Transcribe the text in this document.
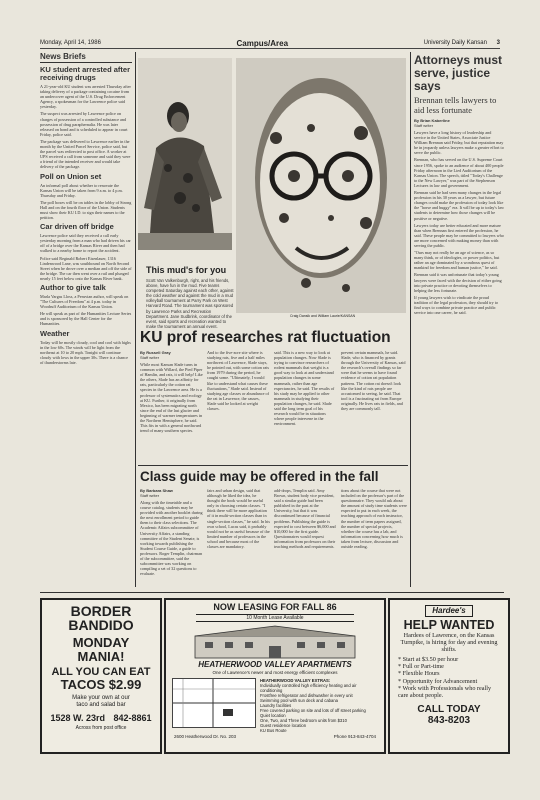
Monday, April 14, 1986	Campus/Area	University Daily Kansan 3
News Briefs
KU student arrested after receiving drugs

A 21-year-old KU student was arrested Thursday after taking delivery of a package containing cocaine from an undercover agent of the U.S. Drug Enforcement Agency, a spokesman for the Lawrence police said yesterday.

The suspect was arrested by Lawrence police on charges of possession of a controlled substance and possession of drug paraphernalia. He was later released on bond and is scheduled to appear in court Friday, police said.

The package was delivered to Lawrence earlier in the month by the United Parcel Service, police said, but the parcel was redirected to post office. A worker at UPS received a call from someone and said they were a friend of the intended receiver and would take delivery of the package.

Poll on Union set

An informal poll about whether to renovate the Kansas Union will be taken from 9 a.m. to 4 p.m. Thursday and Friday.

The poll boxes will be on tables in the lobby of Strong Hall and on the fourth floor of the Union. Students must show their KU I.D. to sign their names to the petition.

Car driven off bridge

Lawrence police said they received a call early yesterday morning from a man who had driven his car off of a bridge over the Kansas River and then had walked to a nearby home to report the accident.

Police said Reginald Robert Eisenlauer, 1316 Lindenwood Lane, was southbound on North Second Street when he drove over a median and off the side of the bridge. The car then went over a rail and plunged nearly 15 feet below onto the Kansas River bank.

Author to give talk

Marla Vargas Lloss, a Peruvian author, will speak on "The Cultures of Freedom" at 4 p.m. today in Woodruff Auditorium of the Kansas Union.

He will speak as part of the Humanities Lecture Series and is sponsored by the Hall Center for the Humanities.

Weather

Today will be mostly cloudy, cool and cool with highs in the low 60s. The winds will be light from the northeast at 10 to 20 mph. Tonight will continue cloudy with lows in the upper 30s. There is a chance of thunderstorms late.

Craig Dansik and William Laurie/KANSAN
This mud's for you

Scott Van Valkenburgh, right, and his friends, above, have fun in the mud. Five teams competed Saturday against each other, against the cold weather and against the mud in a mud volleyball tournament at Parry Park on West Harvard Road. The tournament was sponsored by Lawrence Parks and Recreation Department. Jane Sudbrink, coordinator of the event, said sports and recreation wanted to make the tournament an annual event.

Attorneys must serve, justice says
Brennan tells lawyers to aid less fortunate
By Brian Kaberline
Staff writer

Lawyers have a long history of leadership and service in the United States, Associate Justice William Brennan said Friday, but that reputation may be in jeopardy unless lawyers make a greater effort to serve the public.

Brennan, who has served on the U.S. Supreme Court since 1956, spoke to an audience of about 400 people Friday afternoon in the Lied Auditorium of the Kansas Union. The speech, titled "Today's Challenge to the New Lawyer," was part of the Stephenson Lectures in law and government.

Brennan said he had seen many changes in the legal profession in his 30 years as a lawyer, but future changes could make the profession of today look like the "horse and buggy" era. It will be up to today's law students to determine how those changes will be positive or negative.

Lawyers today are better educated and more mature than when Brennan first entered the profession, he said. These people may be committed to lawyers who are more concerned with making money than with serving the public.

"Ours may not really be an age of science, as so many think, or of ideologies, or power politics, but rather an age dominated by a wondrous quest of mankind for freedom and human justice," he said.

Brennan said it was unfortunate that today's young lawyers were faced with the decision of either going into private practice or devoting themselves to helping the less fortunate.

If young lawyers wish to vindicate the proud tradition of the legal profession, they should try to find ways to combine private practice and public service into one career, he said.

KU prof researches rat fluctuation
By Russell Gray
Staff writer

While most Kansan Slade turns in common with Willard, the Pied Piper of Hamlin, and rats, it will help! Like the others, Slade has an affinity for rats, particularly the cotton rat species in the Lawrence area. He is a professor of systematics and ecology at KU. Further, it originally from Mexico, has been migrating north since the end of the last glacier and beginning of warmer temperatures in the Northern Hemisphere, he said. This fits in with a general northward trend of many southern species.

And to the five-acre site where is studying rats, five and a half miles northwest of Lawrence, Slade stays, he pointed out, with some cotton rats from 1979 during the period, he caught some. "Ultimately, I would like to understand what causes these fluctuations," Slade said. Instead of studying age classes or abundance of the rat in Lawrence, the causes, Slade said he looked at weight classes.

said. This is a new way to look at population changes. Now Slade is trying to convince researchers of rodent mammals that weight is a good way to look at and understand population changes in some mammals, rather than age expectancies, he said. The results of his study may be applied to other mammals in studying their population changes, he said. Slade said the long term goal of his research would be in situations where people intervene in the environment.

prevent certain mammals, he said. Slade, who is financed by grants through the University of Kansas, said the research's overall findings so far were that he seems to have found evidence of cotton rat population patterns. The cotton rat doesn't look like the kind of rats people are accustomed to seeing, he said. That tool is a fascinating rat from Europe originally. He lives rats in fields, and they are commonly tall.

Class guide may be offered in the fall
By Barbara Shaw
Staff writer

Along with the timetable and a course catalog, students may be provided with another booklet during the next enrollment period to guide them to their class selections. The Academic Affairs subcommittee of University Affairs, a standing committee of the Student Senate, is working towards publishing the Student Course Guide, a guide to professors. Roger Templin, chairman of the subcommittee, said the subcommittee was working on compiling a set of 32 questions to evaluate.

fairs and urban design, said that although he liked the idea, he thought the book would be useful only in choosing certain classes. "I think there will be more application of it in multi-section classes than in single-section classes," he said. In his own school, Lucas said, it probably would not be as useful because of the limited number of professors in the school and because most of the classes are mandatory.

add-drops, Templin said. Amy Brown, student body vice president, said a similar guide had been published in the past at the University, but that it was discontinued because of financial problems. Publishing the guide is expected to cost between $6,000 and $10,000 for the first guide. Questionnaires would request information from professors on their teaching methods and requirements.

tions about the course that were not included on the professor's part of the questionnaire. They would ask about the amount of study time students were expected to put in each week, the teaching approach of each instructor, the number of term papers assigned, the number of special projects, whether the course has a lab, and information concerning how much is taken from lecture, discussion and outside reading.

BORDER
BANDIDO
MONDAY
MANIA!
ALL YOU CAN EAT
TACOS $2.99
Make your own at our
taco and salad bar
1528 W. 23rd 842-8861
Across from post office
NOW LEASING FOR FALL 86
10 Month Lease Available
HEATHERWOOD VALLEY APARTMENTS
One of Lawrence's newer and most energy efficient complexes
HEATHERWOOD VALLEY EXTRAS:
Individually controlled high efficiency heating and air conditioning
Frostfree refrigerator and dishwasher in every unit
Swimming pool with sun deck and cabana
Laundry facilities
Free covered parking on site and lots of off street parking
Quiet location
One, Two, and Three bedroom units from $310
Guest residence location
KU Bus Route
2600 Heatherwood Dr. No. 203	Phone 913-843-4704
Hardee's
HELP WANTED
Hardees of Lawrence, on the Kansas Turnpike, is hiring for day and evening shifts.
* Start at $3.50 per hour
* Full or Part-time
* Flexible Hours
* Opportunity for Advancement
* Work with Professionals who really care about people.
CALL TODAY
843-8203
